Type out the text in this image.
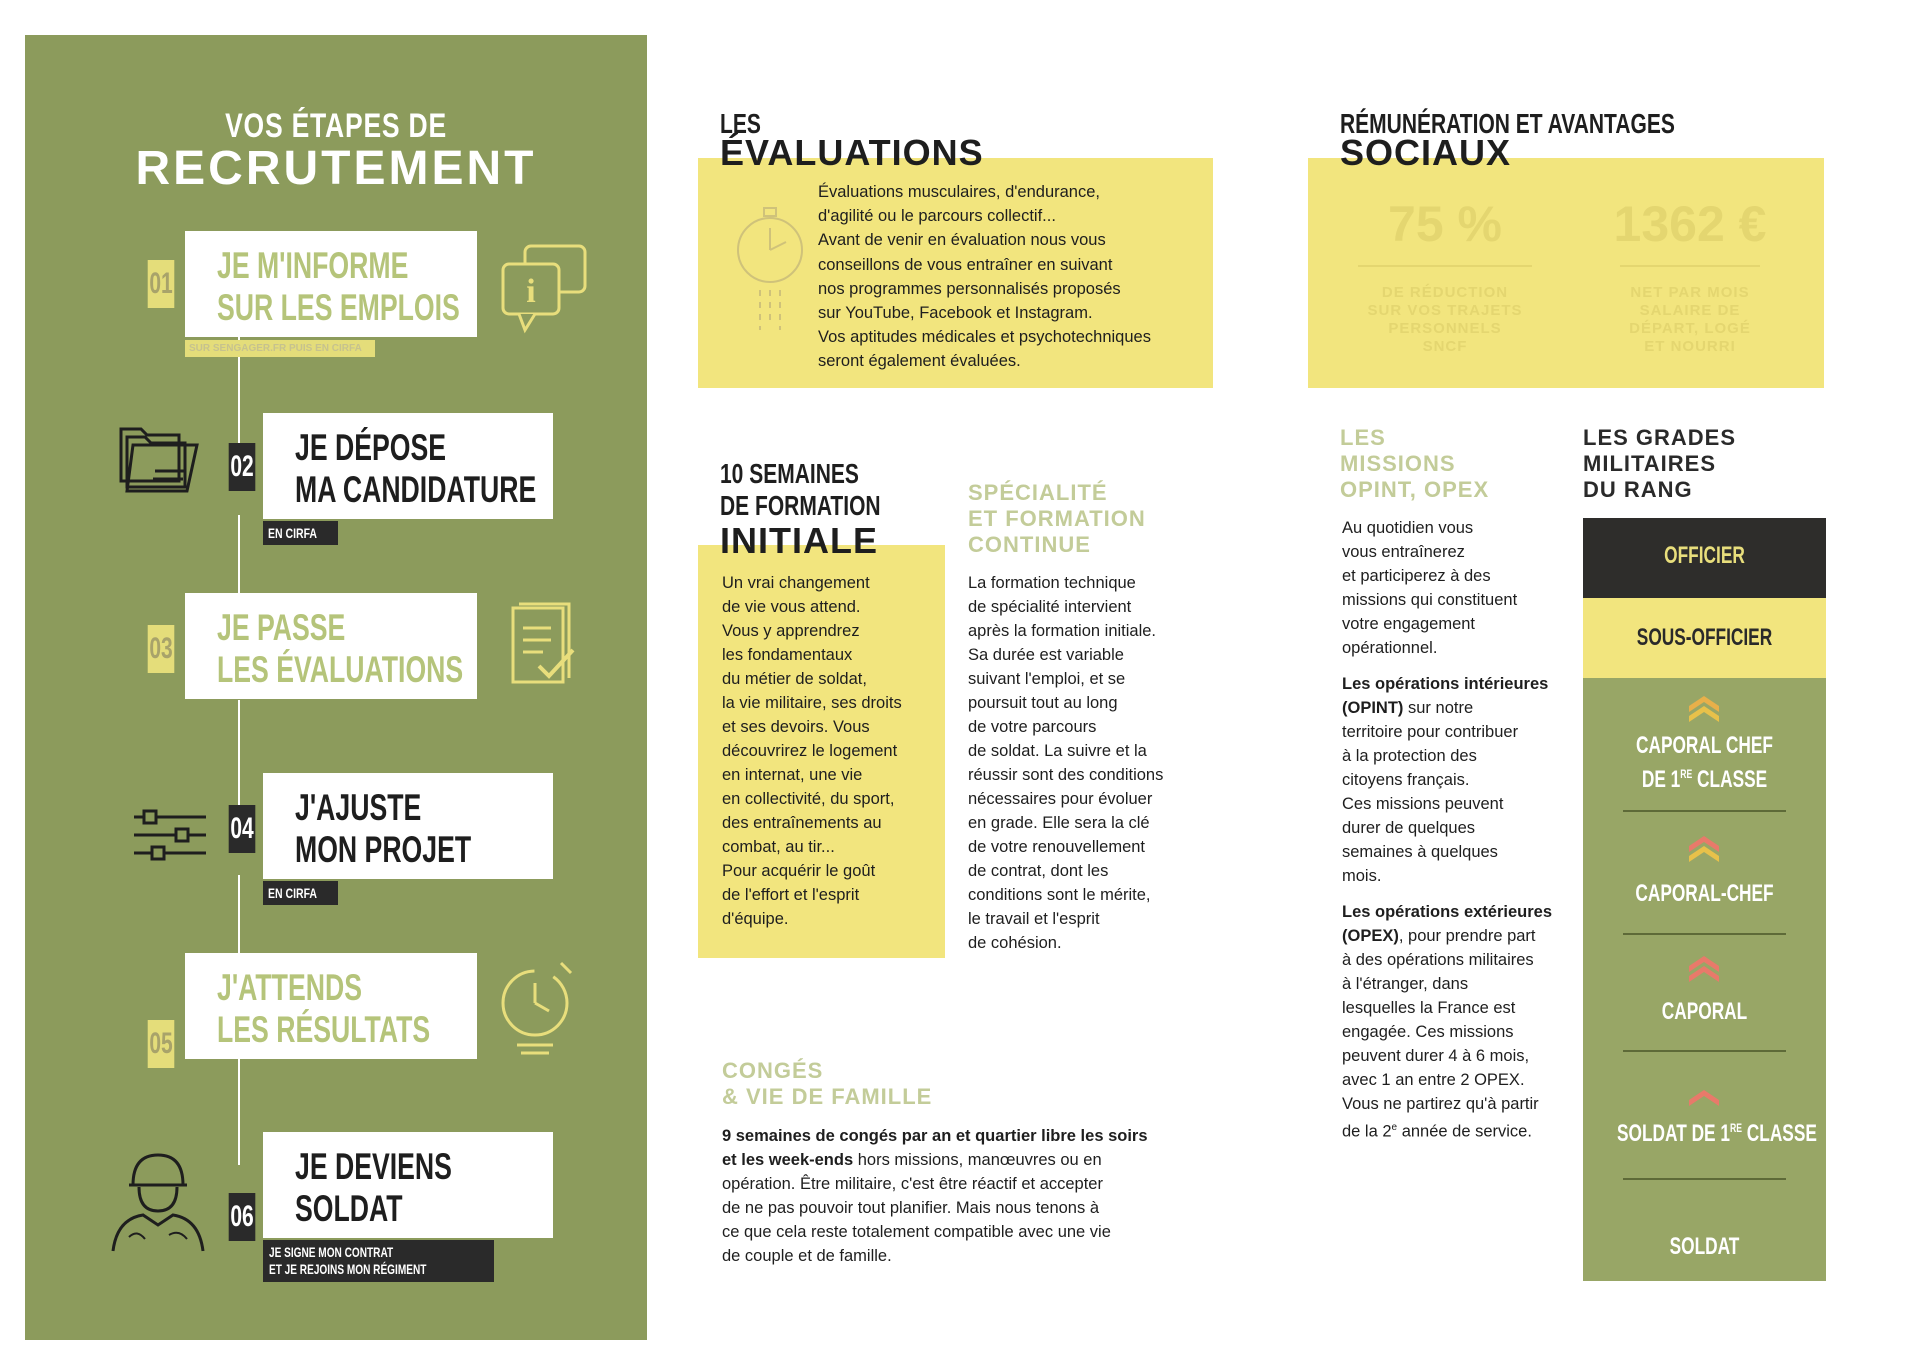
VOS ÉTAPES DE
RECRUTEMENT
01 JE M'INFORME
SUR LES EMPLOIS
SUR SENGAGER.FR PUIS EN CIRFA
i
02 JE DÉPOSE
MA CANDIDATURE
EN CIRFA
03
JE PASSE
LES ÉVALUATIONS
04
J'AJUSTE
MON PROJET
EN CIRFA
05
J'ATTENDS
LES RÉSULTATS
06
JE DEVIENS
SOLDAT
JE SIGNE MON CONTRAT
ET JE REJOINS MON RÉGIMENT
LES
ÉVALUATIONS
Évaluations musculaires, d'endurance,
d'agilité ou le parcours collectif...
Avant de venir en évaluation nous vous
conseillons de vous entraîner en suivant
nos programmes personnalisés proposés
sur YouTube, Facebook et Instagram.
Vos aptitudes médicales et psychotechniques
seront également évaluées.
10 SEMAINES
DE FORMATION
INITIALE
Un vrai changement
de vie vous attend.
Vous y apprendrez
les fondamentaux
du métier de soldat,
la vie militaire, ses droits
et ses devoirs. Vous
découvrirez le logement
en internat, une vie
en collectivité, du sport,
des entraînements au
combat, au tir...
Pour acquérir le goût
de l'effort et l'esprit
d'équipe.
SPÉCIALITÉ
ET FORMATION
CONTINUE
La formation technique
de spécialité intervient
après la formation initiale.
Sa durée est variable
suivant l'emploi, et se
poursuit tout au long
de votre parcours
de soldat. La suivre et la
réussir sont des conditions
nécessaires pour évoluer
en grade. Elle sera la clé
de votre renouvellement
de contrat, dont les
conditions sont le mérite,
le travail et l'esprit
de cohésion.
CONGÉS
& VIE DE FAMILLE
9 semaines de congés par an et quartier libre les soirs
et les week-ends hors missions, manœuvres ou en
opération. Être militaire, c'est être réactif et accepter
de ne pas pouvoir tout planifier. Mais nous tenons à
ce que cela reste totalement compatible avec une vie
de couple et de famille.
RÉMUNÉRATION ET AVANTAGES
SOCIAUX
75 %
DE RÉDUCTION
SUR VOS TRAJETS
PERSONNELS
SNCF
1362 €
NET PAR MOIS
SALAIRE DE
DÉPART, LOGÉ
ET NOURRI
LES
MISSIONS
OPINT, OPEX
Au quotidien vous
vous entraînerez
et participerez à des
missions qui constituent
votre engagement
opérationnel.
Les opérations intérieures
(OPINT) sur notre
territoire pour contribuer
à la protection des
citoyens français.
Ces missions peuvent
durer de quelques
semaines à quelques
mois.
Les opérations extérieures
(OPEX), pour prendre part
à des opérations militaires
à l'étranger, dans
lesquelles la France est
engagée. Ces missions
peuvent durer 4 à 6 mois,
avec 1 an entre 2 OPEX.
Vous ne partirez qu'à partir
de la 2e année de service.
LES GRADES
MILITAIRES
DU RANG
OFFICIER
SOUS-OFFICIER
CAPORAL CHEF
DE 1RE CLASSE
CAPORAL-CHEF
CAPORAL
SOLDAT DE 1RE CLASSE
SOLDAT
